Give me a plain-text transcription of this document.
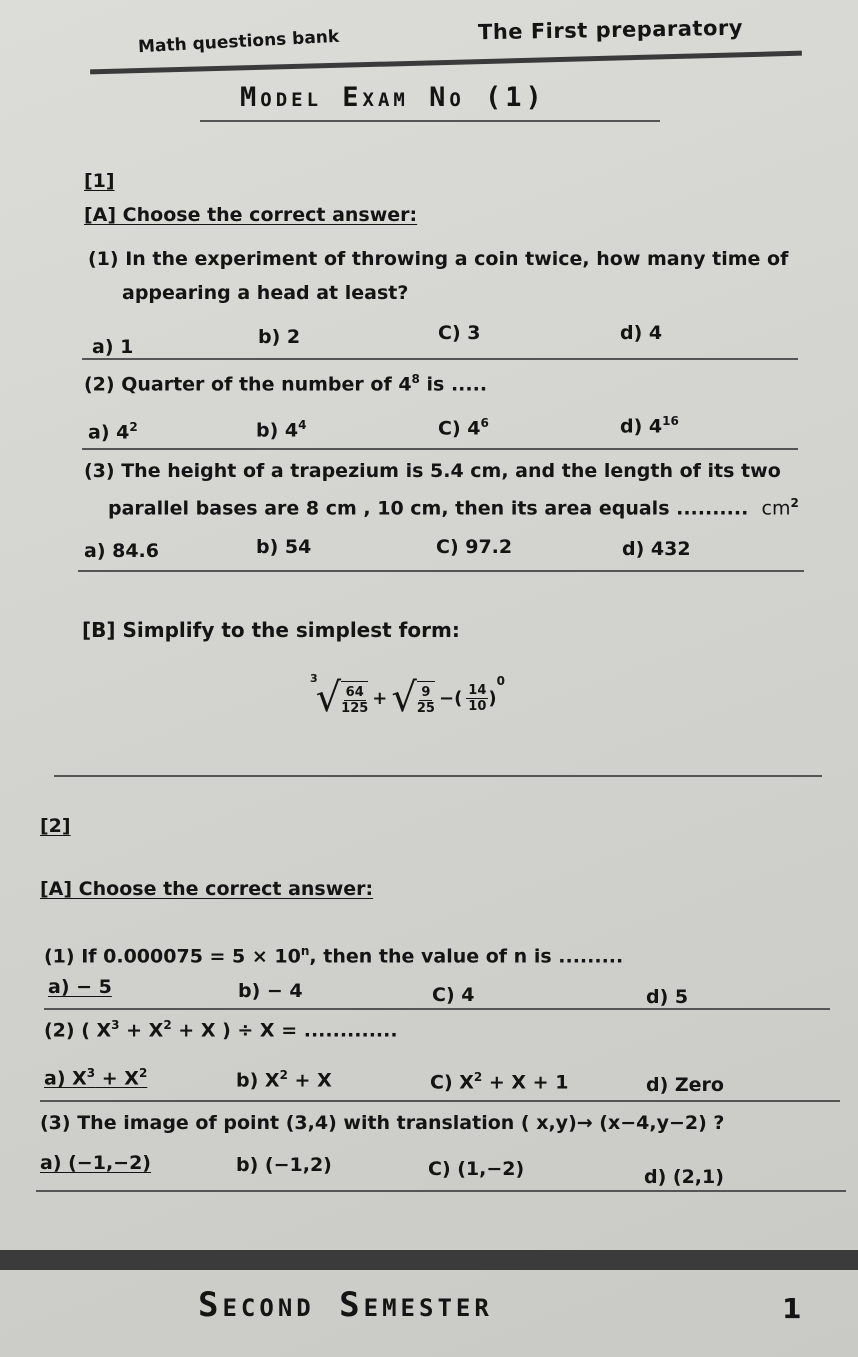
Math questions bank	The First preparatory
Model Exam No (1)
[1]
[A] Choose the correct answer:
(1) In the experiment of throwing a coin twice, how many time of
appearing a head at least?
a) 1	b) 2	C) 3	d) 4
(2) Quarter of the number of $4^8$ is .....
a) $4^2$	b) $4^4$	C) $4^6$	d) $4^{16}$
(3) The height of a trapezium is 5.4 cm, and the length of its two
parallel bases are 8 cm , 10 cm, then its area equals .......... $cm^2$
a) 84.6	b) 54	C) 97.2	d) 432
[B] Simplify to the simplest form:
3
√ $\frac{64}{125}$ + √ $\frac{9}{25}$ −( $\frac{14}{10}$ )
$^0$
[2]
[A] Choose the correct answer:
(1) If $0.000075 = 5 \times 10^n$, then the value of n is .........
a) − 5	b) − 4	C) 4	d) 5
(2) ( $X^3 + X^2 + X$ ) ÷ X = .............
a) $X^3 + X^2$	b) $X^2 + X$	C) $X^2 + X + 1$	d) Zero
(3) The image of point (3,4) with translation ( x,y)→ (x−4,y−2) ?
a) (−1,−2)	b) (−1,2)	C) (1,−2)	d) (2,1)
Second Semester	1
